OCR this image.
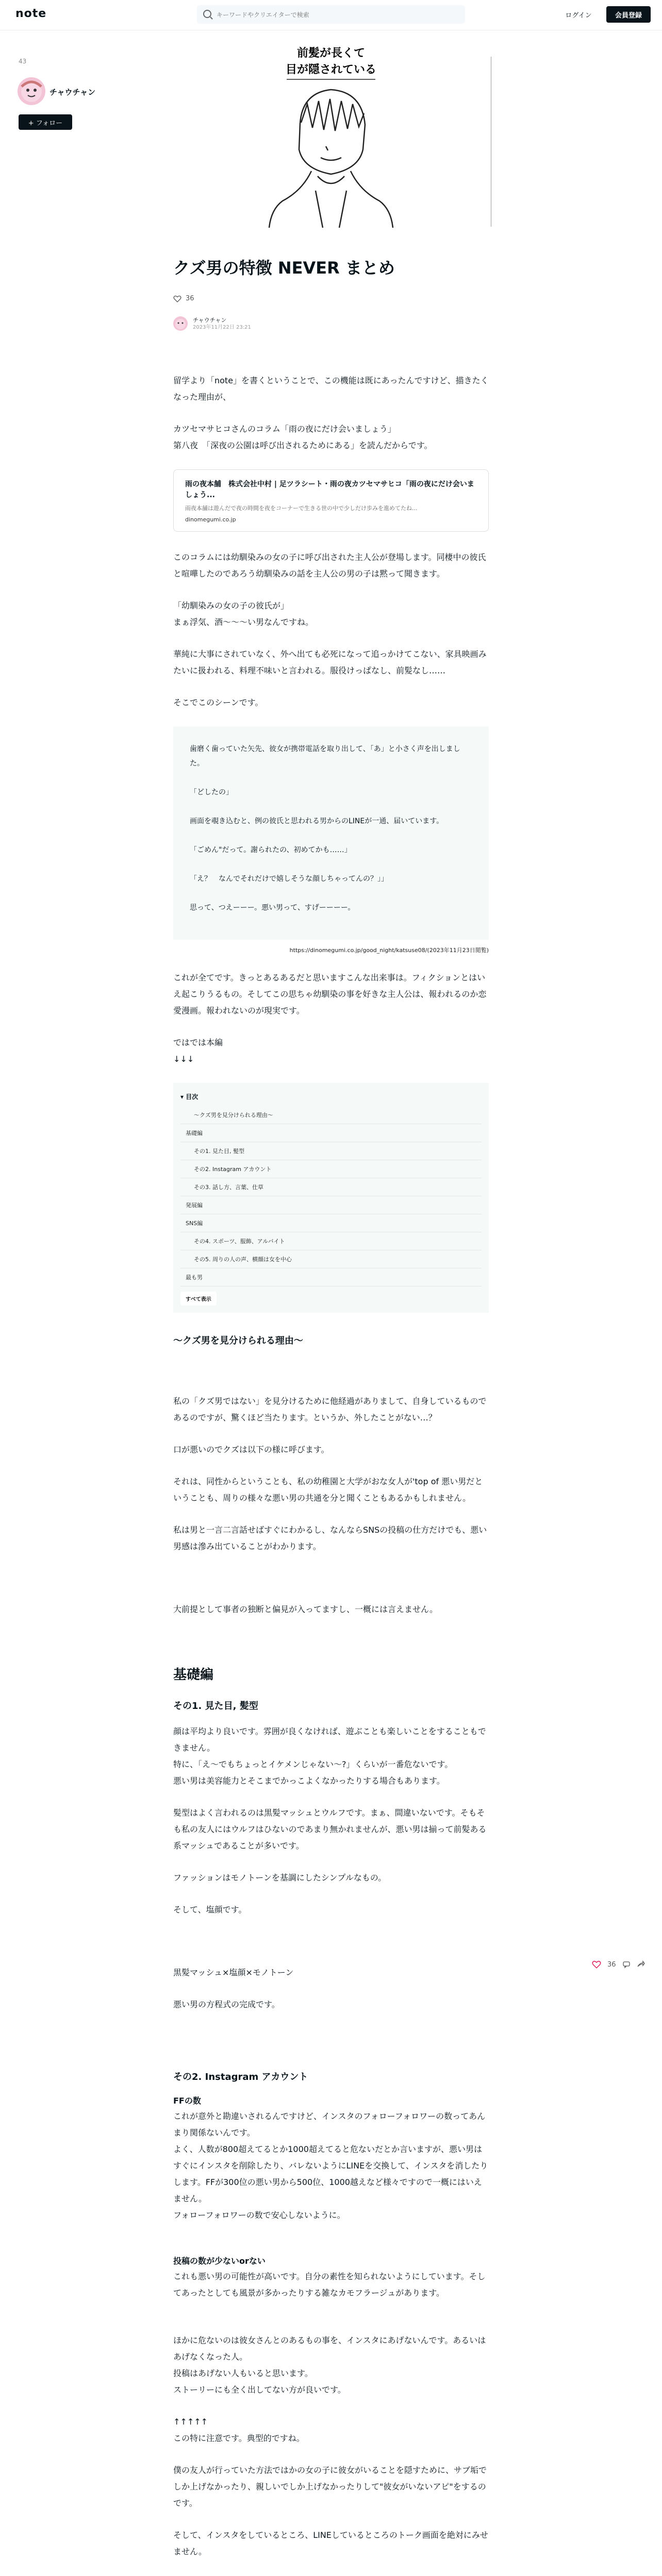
note
キーワードやクリエイターで検索	ログイン	会員登録
43
チャウチャン
+ フォロー
前髪が長くて
目が隠されている
クズ男の特徴 NEVER まとめ
36
チャウチャン
2023年11月22日 23:21

留学より「note」を書くということで、この機能は既にあったんですけど、描きたくなった理由が、

カツセマサヒコさんのコラム「雨の夜にだけ会いましょう」
第八夜　「深夜の公園は呼び出されるためにある」を読んだからです。

雨の夜本舗　株式会社中村 | 足ツラシート・雨の夜カツセマサヒコ「雨の夜にだけ会いましょう...
雨夜本舗は遊んだで夜の時間を夜をコーナーで生きる世の中で少しだけ歩みを進めてたね...
dinomegumi.co.jp

このコラムには幼馴染みの女の子に呼び出された主人公が登場します。同棲中の彼氏と喧嘩したのであろう幼馴染みの話を主人公の男の子は黙って聞きます。

「幼馴染みの女の子の彼氏が」
まぁ浮気、酒〜〜〜い男なんですね。

華純に大事にされていなく、外へ出ても必死になって追っかけてこない、家具映画みたいに扱われる、料理不味いと言われる。服役けっぱなし、前髪なし……

そこでこのシーンです。

歯磨く歯っていた矢先、彼女が携帯電話を取り出して、「あ」と小さく声を出しました。

「どしたの」

画面を覗き込むと、例の彼氏と思われる男からのLINEが一通、届いています。

「ごめん"だって。謝られたの、初めてかも……」

「え？　なんでそれだけで嬉しそうな顔しちゃってんの？」」

思って、つえーーー。悪い男って、すげーーーー。

https://dinomegumi.co.jp/good_night/katsuse08/(2023年11月23日閲覧)

これが全てです。きっとあるあるだと思いますこんな出来事は。フィクションとはいえ起こりうるもの。そしてこの思ちゃ幼馴染の事を好きな主人公は、報われるのか恋愛漫画。報われないのが現実です。

ではでは本編
↓↓↓

▾ 目次
〜クズ男を見分けられる理由〜
基礎編
その1. 見た目, 髪型
その2. Instagram アカウント
その3. 話し方、言葉、仕草
発展編
SNS編
その4. スポーツ、服飾、アルバイト
その5. 周りの人の声、横顔は女を中心
最も男
すべて表示
〜クズ男を見分けられる理由〜

私の「クズ男ではない」を見分けるために他経過がありまして、自身しているものであるのですが、驚くほど当たります。というか、外したことがない…？

口が悪いのでクズは以下の様に呼びます。

それは、同性からということも、私の幼稚園と大学がおな女人が'top of 悪い男だということも、周りの様々な悪い男の共通を分と聞くこともあるかもしれません。

私は男と一言二言話せばすぐにわかるし、なんならSNSの投稿の仕方だけでも、悪い男感は滲み出ていることがわかります。

大前提として事者の独断と偏見が入ってますし、一概には言えません。

基礎編
その1. 見た目, 髪型

顔は平均より良いです。雰囲が良くなければ、遊ぶことも楽しいことをすることもできません。
特に、「え〜でもちょっとイケメンじゃない〜?」くらいが一番危ないです。
悪い男は美容能力とそこまでかっこよくなかったりする場合もあります。

髪型はよく言われるのは黒髪マッシュとウルフです。まぁ、間違いないです。そもそも私の友人にはウルフはひないのであまり無かれませんが、悪い男は揃って前髪ある系マッシュであることが多いです。

ファッションはモノトーンを基調にしたシンプルなもの。

そして、塩顔です。

黒髪マッシュ×塩顔×モノトーン

悪い男の方程式の完成です。

その2. Instagram アカウント
FFの数

これが意外と勘違いされるんですけど、インスタのフォローフォロワーの数ってあんまり関係ないんです。
よく、人数が800超えてるとか1000超えてると危ないだとか言いますが、悪い男はすぐにインスタを削除したり、バレないようにLINEを交換して、インスタを消したりします。FFが300位の悪い男から500位、1000越えなど様々ですので一概にはいえません。
フォローフォロワーの数で安心しないように。

投稿の数が少ないorない

これも悪い男の可能性が高いです。自分の素性を知られないようにしています。そしてあったとしても風景が多かったりする雑なカモフラージュがあります。

ほかに危ないのは彼女さんとのあるもの事を、インスタにあげないんです。あるいはあげなくなった人。
投稿はあげない人もいると思います。
ストーリーにも全く出してない方が良いです。

↑↑↑↑↑
この特に注意です。典型的ですね。

僕の友人が行っていた方法ではかの女の子に彼女がいることを隠すために、サブ垢でしか上げなかったり、親しいでしか上げなかったりして"彼女がいないアピ"をするのです。

そして、インスタをしているところ、LINEしているところのトーク画面を絶対にみせません。

36
